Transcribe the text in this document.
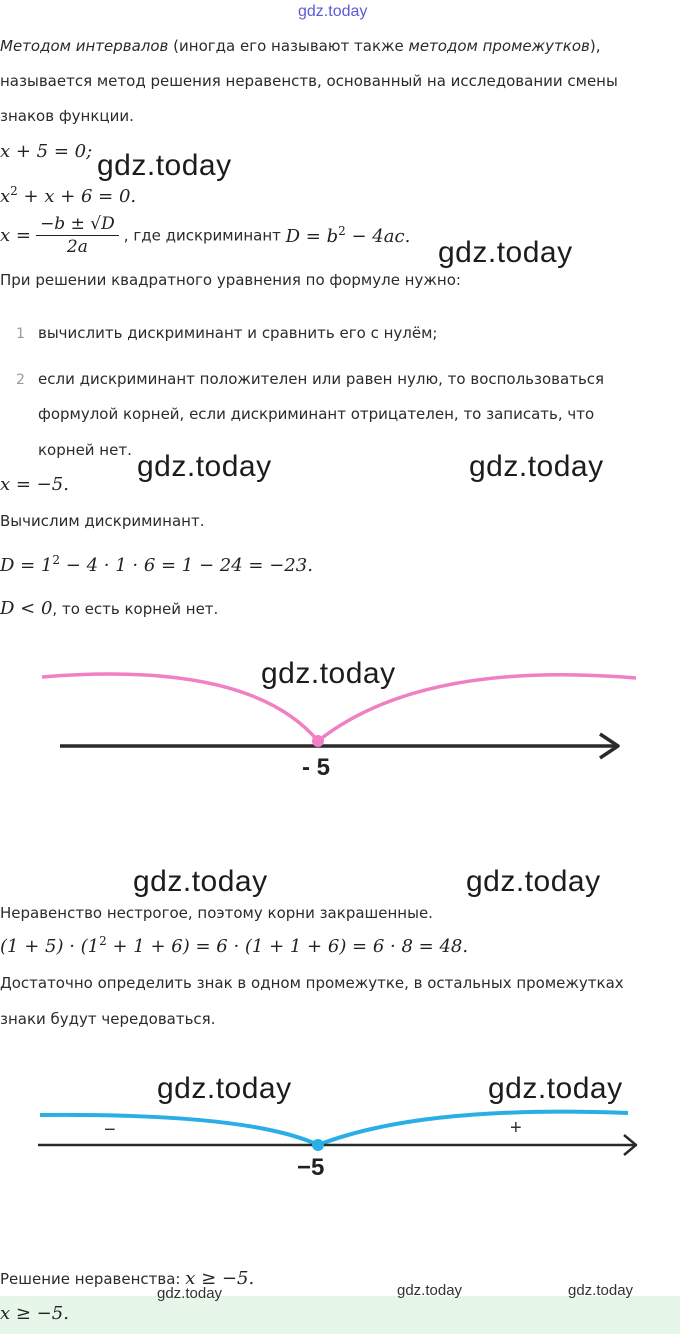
gdz.today
Методом интервалов (иногда его называют также методом промежутков),
называется метод решения неравенств, основанный на исследовании смены
знаков функции.
x + 5 = 0; gdz.today
$x^2 + x + 6 = 0$.
$x = \frac{-b \pm √D}{2a}$ , где дискриминант $D = b^2 - 4ac$. gdz.today
При решении квадратного уравнения по формуле нужно:
1 вычислить дискриминант и сравнить его с нулём;
2 если дискриминант положителен или равен нулю, то воспользоваться
формулой корней, если дискриминант отрицателен, то записать, что
корней нет. gdz.today	gdz.today
x = −5.
Вычислим дискриминант.
$D = 1^2 - 4 \cdot 1 \cdot 6 = 1 - 24 = -23$.
D < 0, то есть корней нет.
gdz.today
- 5
gdz.today	gdz.today
Неравенство нестрогое, поэтому корни закрашенные.
$(1 + 5) \cdot (1^2 + 1 + 6) = 6 \cdot (1 + 1 + 6) = 6 \cdot 8 = 48$.
Достаточно определить знак в одном промежутке, в остальных промежутках
знаки будут чередоваться.
gdz.today	gdz.today
−	+
−5
Решение неравенства: x ≥ −5.
gdz.today	gdz.today	gdz.today
x ≥ −5.
